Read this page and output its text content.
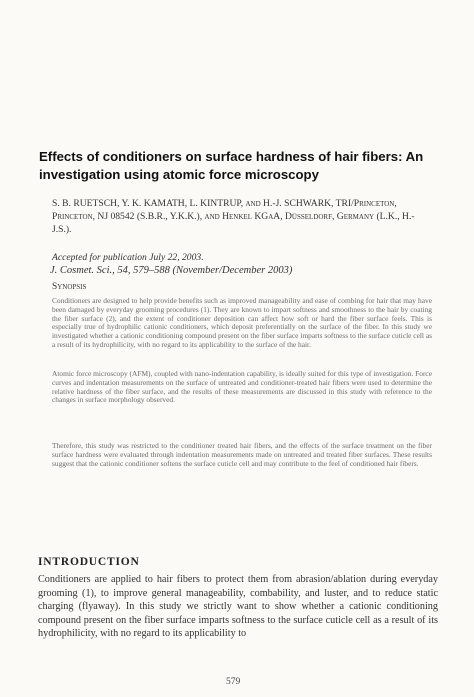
J. Cosmet. Sci., 54, 579–588 (November/December 2003)
Effects of conditioners on surface hardness of hair fibers: An investigation using atomic force microscopy
S. B. RUETSCH, Y. K. KAMATH, L. KINTRUP, and H.-J. SCHWARK, TRI/Princeton, Princeton, NJ 08542 (S.B.R., Y.K.K.), and Henkel KGaA, Düsseldorf, Germany (L.K., H.-J.S.).
Accepted for publication July 22, 2003.
Synopsis
Conditioners are designed to help provide benefits such as improved manageability and ease of combing for hair that may have been damaged by everyday grooming procedures (1). They are known to impart softness and smoothness to the hair by coating the fiber surface (2), and the extent of conditioner deposition can affect how soft or hard the fiber surface feels. This is especially true of hydrophilic cationic conditioners, which deposit preferentially on the surface of the fiber. In this study we investigated whether a cationic conditioning compound present on the fiber surface imparts softness to the surface cuticle cell as a result of its hydrophilicity, with no regard to its applicability to the surface of the hair.
Atomic force microscopy (AFM), coupled with nano-indentation capability, is ideally suited for this type of investigation. Force curves and indentation measurements on the surface of untreated and conditioner-treated hair fibers were used to determine the relative hardness of the fiber surface, and the results of these measurements are discussed in this study with reference to the changes in surface morphology observed.
Therefore, this study was restricted to the conditioner treated hair fibers, and the effects of the surface treatment on the fiber surface hardness were evaluated through indentation measurements made on untreated and treated fiber surfaces. These results suggest that the cationic conditioner softens the surface cuticle cell and may contribute to the feel of conditioned hair fibers.
INTRODUCTION
Conditioners are applied to hair fibers to protect them from abrasion/ablation during everyday grooming (1), to improve general manageability, combability, and luster, and to reduce static charging (flyaway). In this study we strictly want to show whether a cationic conditioning compound present on the fiber surface imparts softness to the surface cuticle cell as a result of its hydrophilicity, with no regard to its applicability to
579
